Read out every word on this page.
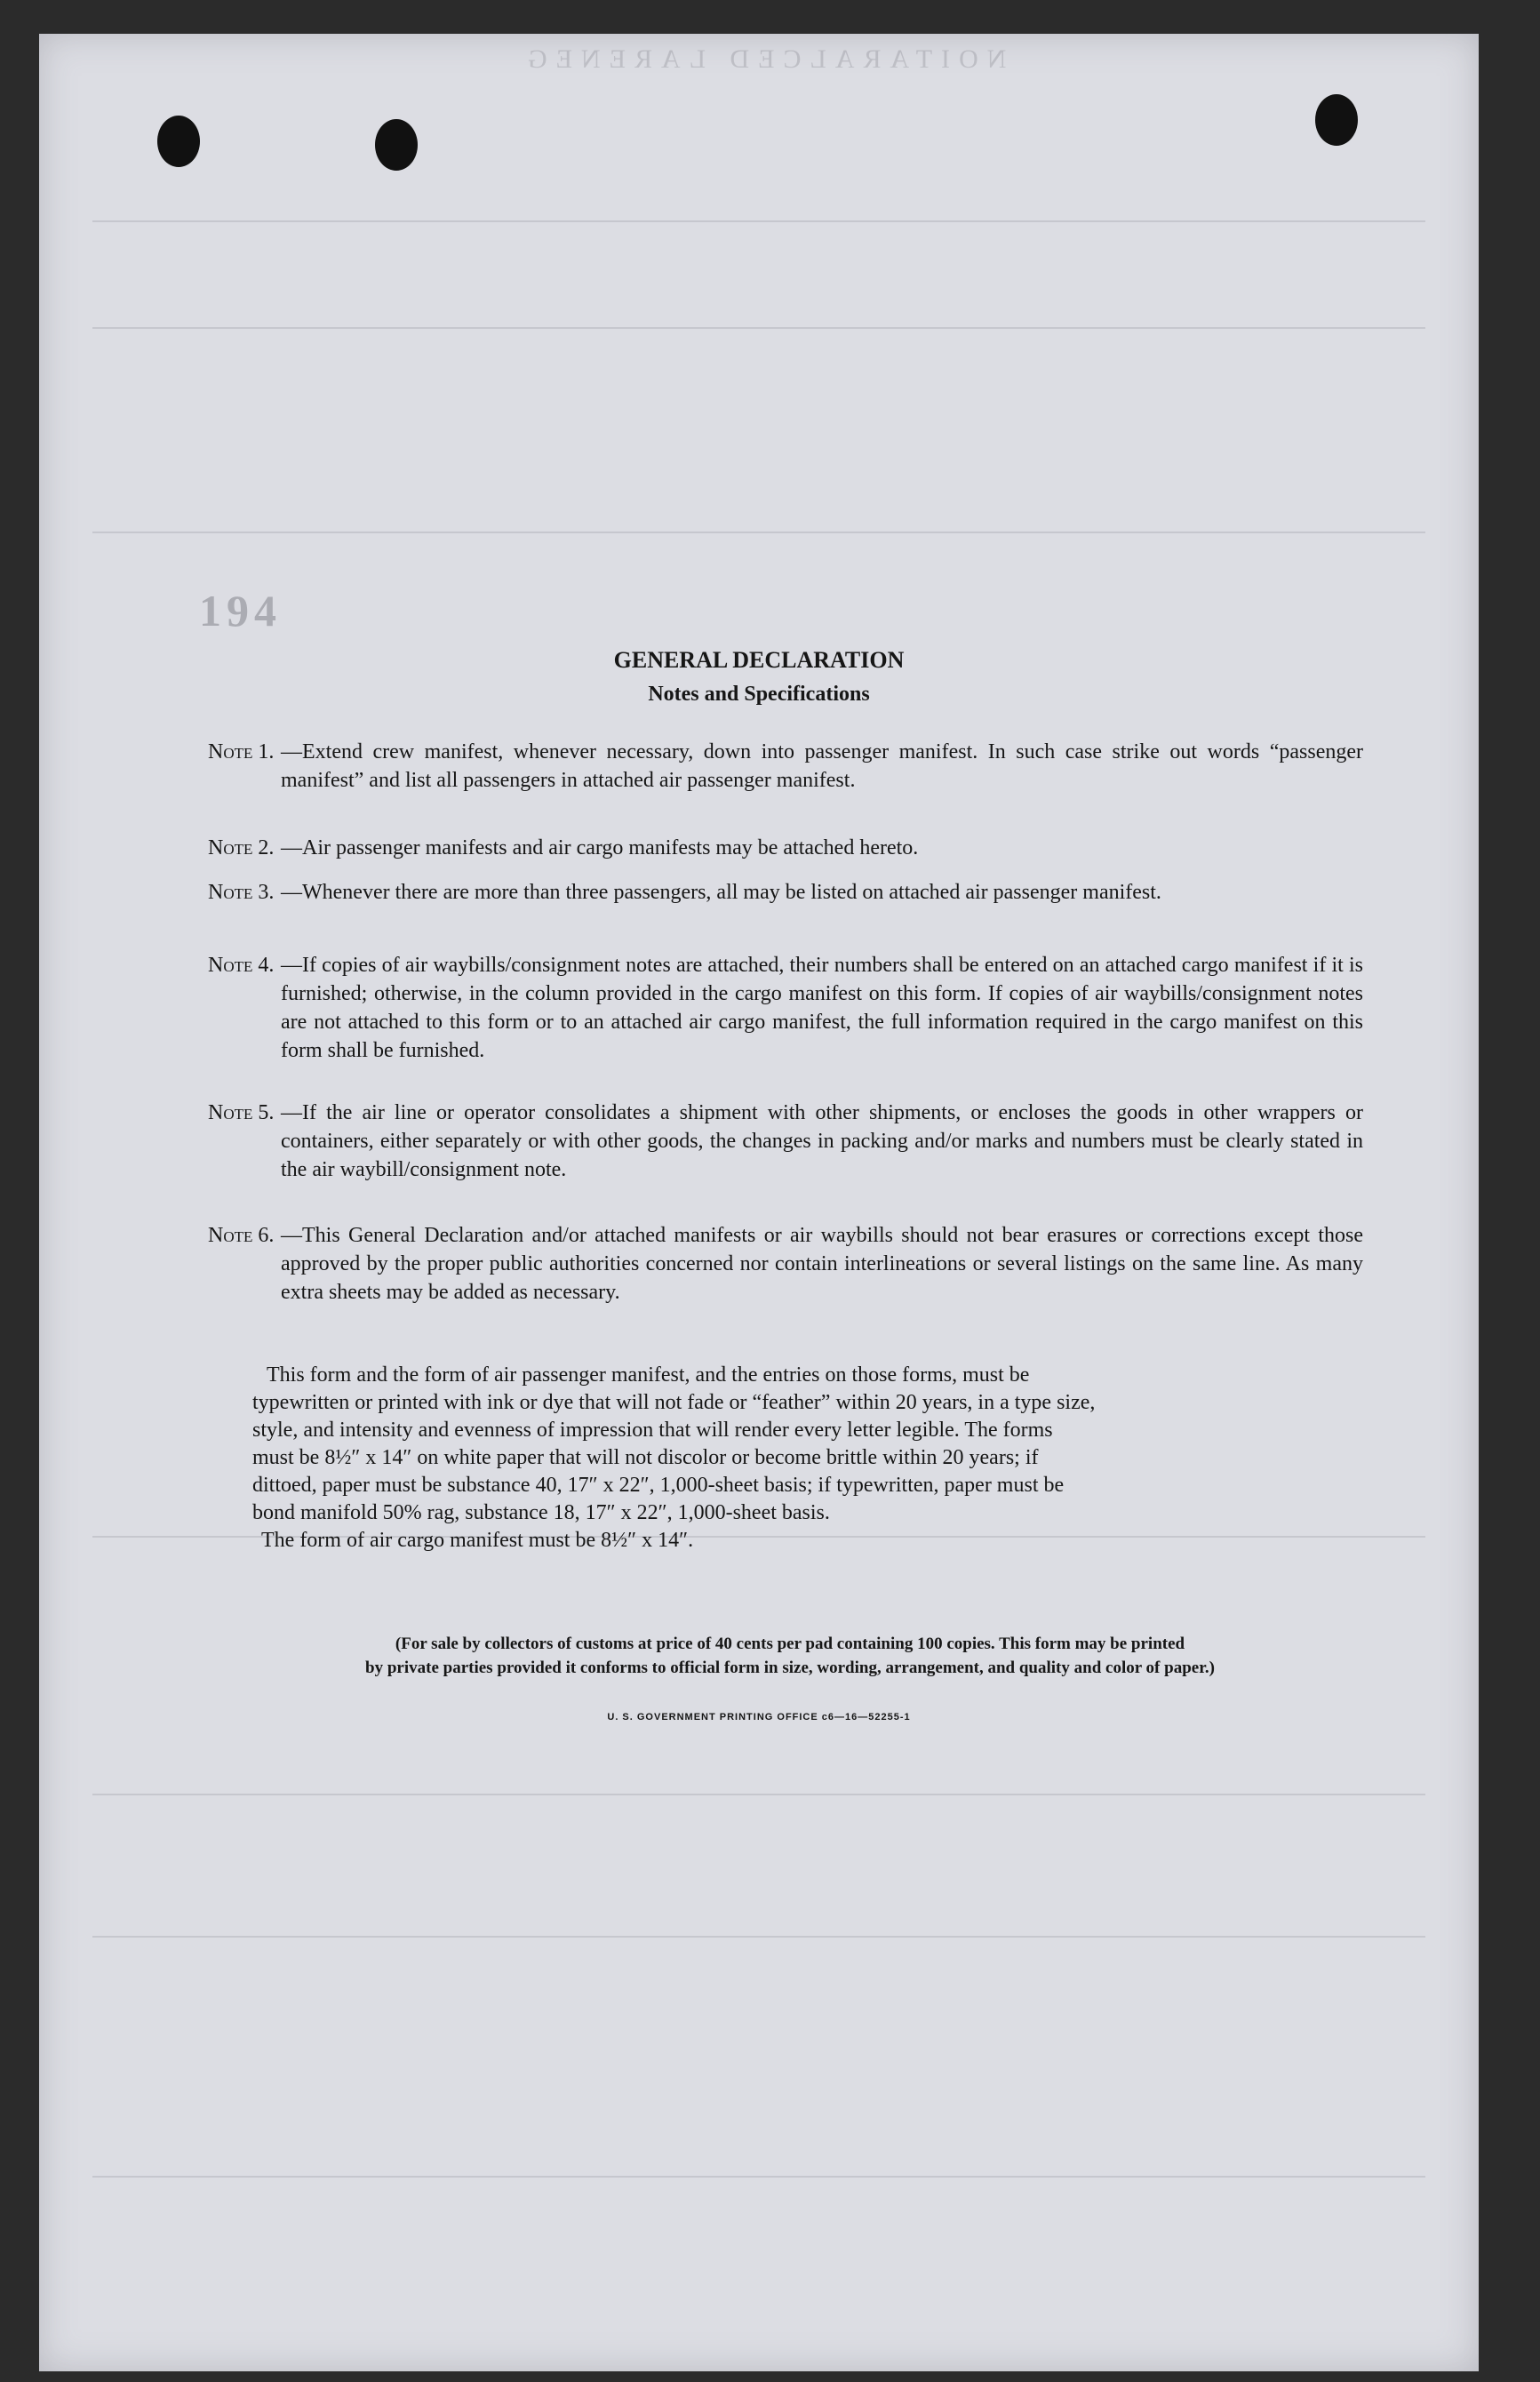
NOITARALCED LARENEG
194
GENERAL DECLARATION
Notes and Specifications
Note 1. —Extend crew manifest, whenever necessary, down into passenger manifest. In such case strike out words “passenger manifest” and list all passengers in attached air passenger manifest.
Note 2. —Air passenger manifests and air cargo manifests may be attached hereto.
Note 3. —Whenever there are more than three passengers, all may be listed on attached air passenger manifest.
Note 4. —If copies of air waybills/consignment notes are attached, their numbers shall be entered on an attached cargo manifest if it is furnished; otherwise, in the column provided in the cargo manifest on this form. If copies of air waybills/consignment notes are not attached to this form or to an attached air cargo manifest, the full information required in the cargo manifest on this form shall be furnished.
Note 5. —If the air line or operator consolidates a shipment with other shipments, or encloses the goods in other wrappers or containers, either separately or with other goods, the changes in packing and/or marks and numbers must be clearly stated in the air waybill/consignment note.
Note 6. —This General Declaration and/or attached manifests or air waybills should not bear erasures or corrections except those approved by the proper public authorities concerned nor contain interlineations or several listings on the same line. As many extra sheets may be added as necessary.
This form and the form of air passenger manifest, and the entries on those forms, must be
typewritten or printed with ink or dye that will not fade or “feather” within 20 years, in a type size,
style, and intensity and evenness of impression that will render every letter legible. The forms
must be 8½″ x 14″ on white paper that will not discolor or become brittle within 20 years; if
dittoed, paper must be substance 40, 17″ x 22″, 1,000-sheet basis; if typewritten, paper must be
bond manifold 50% rag, substance 18, 17″ x 22″, 1,000-sheet basis.
The form of air cargo manifest must be 8½″ x 14″.
(For sale by collectors of customs at price of 40 cents per pad containing 100 copies. This form may be printed
by private parties provided it conforms to official form in size, wording, arrangement, and quality and color of paper.)
U. S. GOVERNMENT PRINTING OFFICE c6—16—52255-1
